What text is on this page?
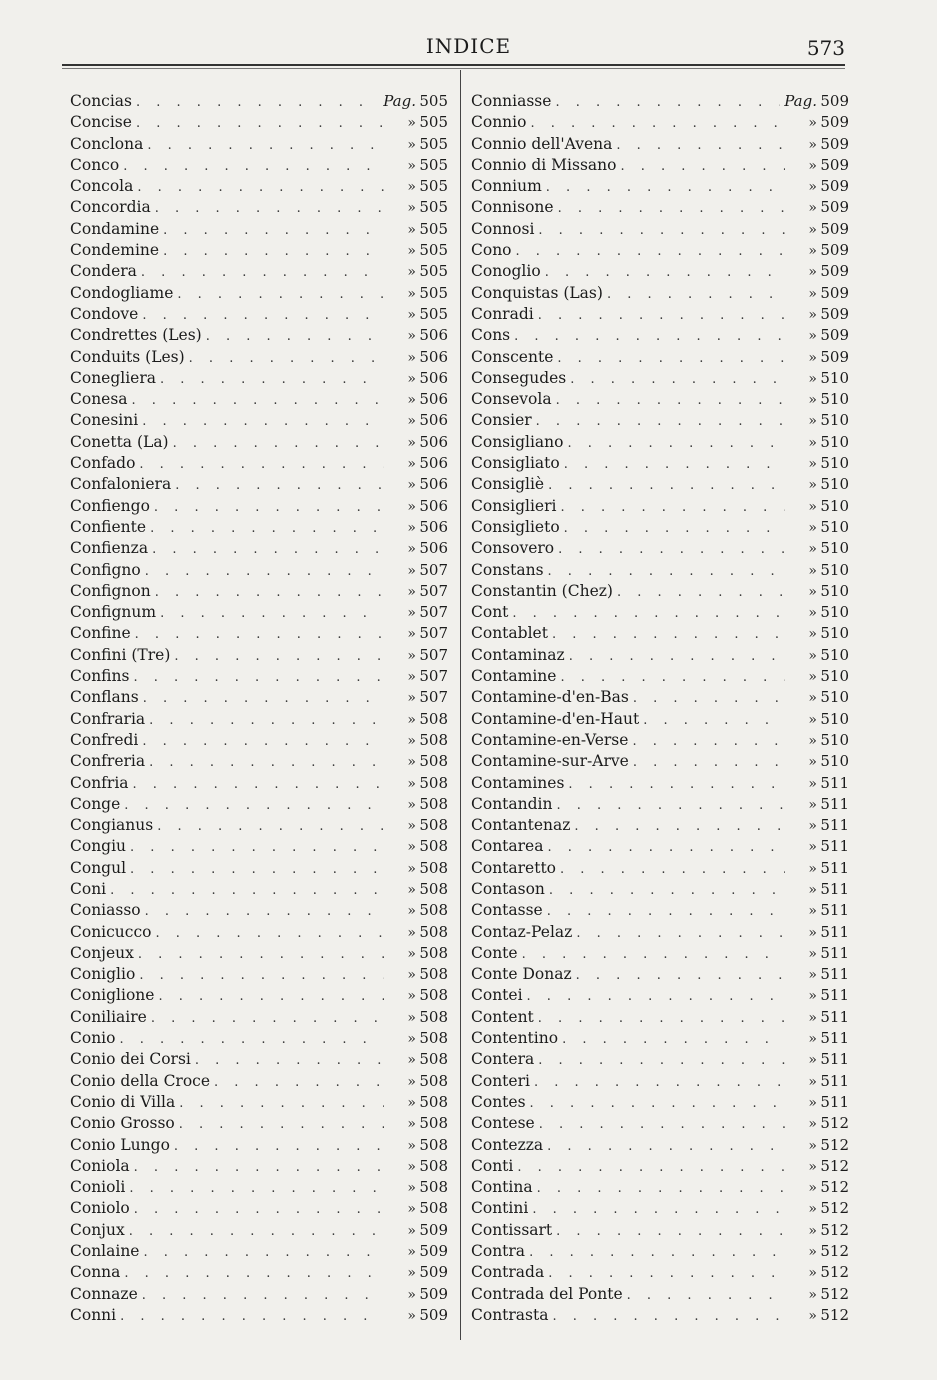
INDICE	573
Concias . . .	Pag. 505
Concise . . .	» 505
Conclona . . .	» 505
Conco . . .	» 505
Concola . . .	» 505
Concordia . . .	» 505
Condamine . . .	» 505
Condemine . . .	» 505
Condera . . .	» 505
Condogliame . . .	» 505
Condove . . .	» 505
Condrettes (Les) . . .	» 506
Conduits (Les) . . .	» 506
Conegliera . . .	» 506
Conesa . . .	» 506
Conesini . . .	» 506
Conetta (La) . . .	» 506
Confado . . .	» 506
Confaloniera . . .	» 506
Confiengo . . .	» 506
Confiente . . .	» 506
Confienza . . .	» 506
Configno . . .	» 507
Confignon . . .	» 507
Confignum . . .	» 507
Confine . . .	» 507
Confini (Tre) . . .	» 507
Confins . . .	» 507
Conflans . . .	» 507
Confraria . . .	» 508
Confredi . . .	» 508
Confreria . . .	» 508
Confria . . .	» 508
Conge . . .	» 508
Congianus . . .	» 508
Congiu . . .	» 508
Congul . . .	» 508
Coni . . .	» 508
Coniasso . . .	» 508
Conicucco . . .	» 508
Conjeux . . .	» 508
Coniglio . . .	» 508
Coniglione . . .	» 508
Coniliaire . . .	» 508
Conio . . .	» 508
Conio dei Corsi . . .	» 508
Conio della Croce . . .	» 508
Conio di Villa . . .	» 508
Conio Grosso . . .	» 508
Conio Lungo . . .	» 508
Coniola . . .	» 508
Conioli . . .	» 508
Coniolo . . .	» 508
Conjux . . .	» 509
Conlaine . . .	» 509
Conna . . .	» 509
Connaze . . .	» 509
Conni . . .	» 509
Conniasse . . .	Pag. 509
Connio . . .	» 509
Connio dell'Avena . . .	» 509
Connio di Missano . . .	» 509
Connium . . .	» 509
Connisone . . .	» 509
Connosi . . .	» 509
Cono . . .	» 509
Conoglio . . .	» 509
Conquistas (Las) . . .	» 509
Conradi . . .	» 509
Cons . . .	» 509
Conscente . . .	» 509
Consegudes . . .	» 510
Consevola . . .	» 510
Consier . . .	» 510
Consigliano . . .	» 510
Consigliato . . .	» 510
Consigliè . . .	» 510
Consiglieri . . .	» 510
Consiglieto . . .	» 510
Consovero . . .	» 510
Constans . . .	» 510
Constantin (Chez) . . .	» 510
Cont . . .	» 510
Contablet . . .	» 510
Contaminaz . . .	» 510
Contamine . . .	» 510
Contamine-d'en-Bas . . .	» 510
Contamine-d'en-Haut . . .	» 510
Contamine-en-Verse . . .	» 510
Contamine-sur-Arve . . .	» 510
Contamines . . .	» 511
Contandin . . .	» 511
Contantenaz . . .	» 511
Contarea . . .	» 511
Contaretto . . .	» 511
Contason . . .	» 511
Contasse . . .	» 511
Contaz-Pelaz . . .	» 511
Conte . . .	» 511
Conte Donaz . . .	» 511
Contei . . .	» 511
Content . . .	» 511
Contentino . . .	» 511
Contera . . .	» 511
Conteri . . .	» 511
Contes . . .	» 511
Contese . . .	» 512
Contezza . . .	» 512
Conti . . .	» 512
Contina . . .	» 512
Contini . . .	» 512
Contissart . . .	» 512
Contra . . .	» 512
Contrada . . .	» 512
Contrada del Ponte . . .	» 512
Contrasta . . .	» 512
